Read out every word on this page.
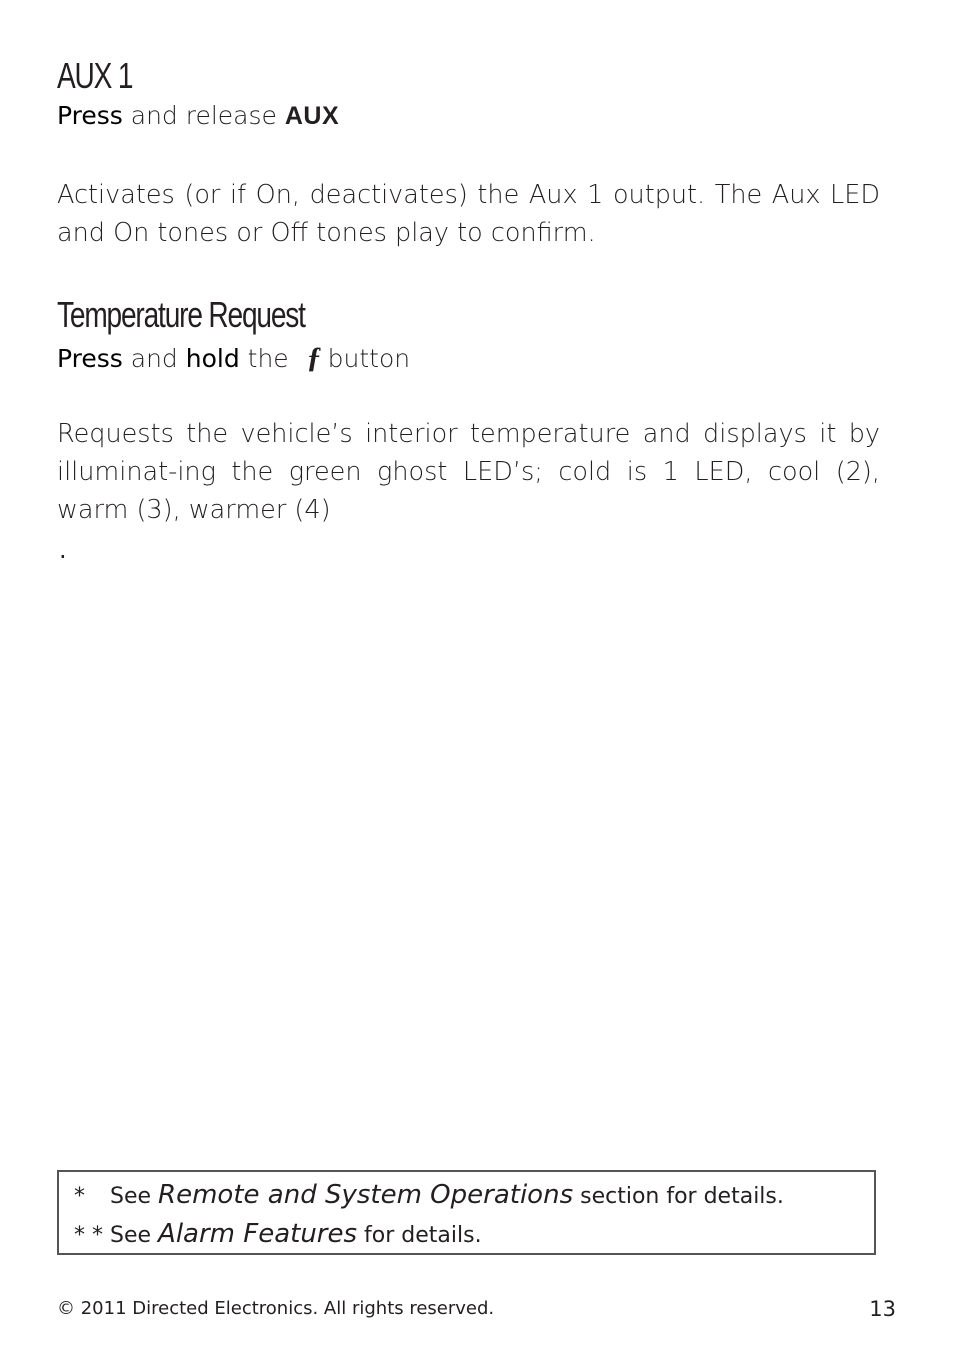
AUX 1

Press and release AUX

Activates (or if On, deactivates) the Aux 1 output. The Aux LED and On tones or Off tones play to confirm.

Temperature Request

Press and hold the ƒ button

Requests the vehicle’s interior temperature and displays it by illuminat-ing the green ghost LED’s; cold is 1 LED, cool (2), warm (3), warmer (4)

.

* See Remote and System Operations section for details.

* * See Alarm Features for details.

© 2011 Directed Electronics. All rights reserved.	13
